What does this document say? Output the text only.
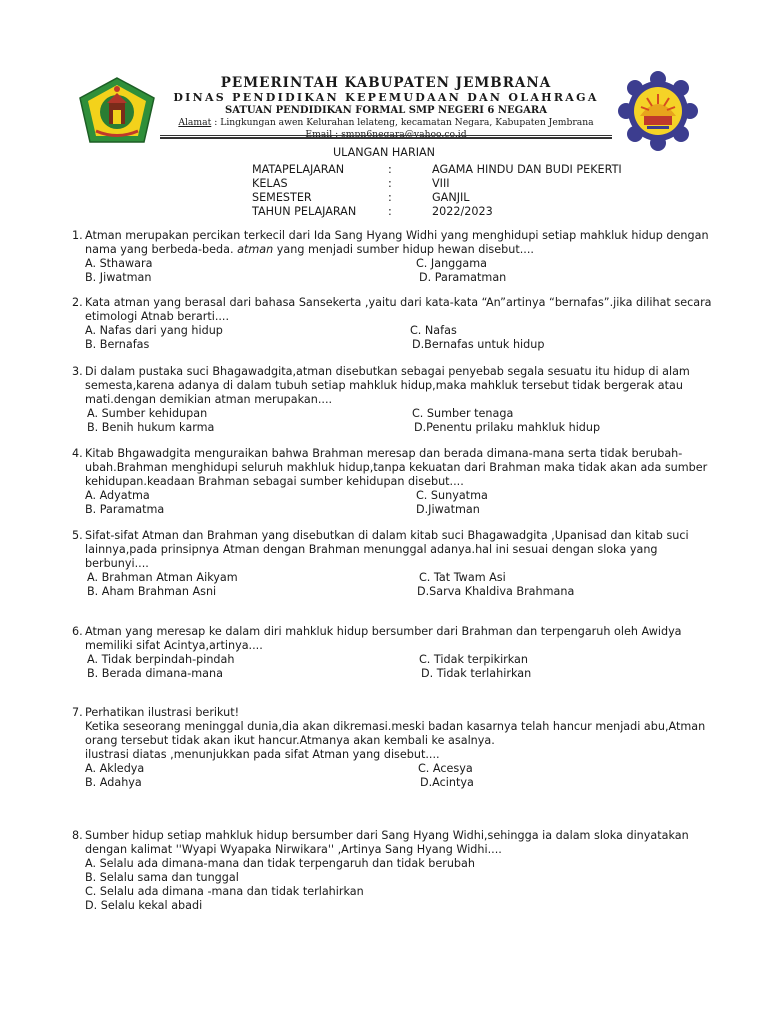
PEMERINTAH KABUPATEN JEMBRANA
DINAS PENDIDIKAN KEPEMUDAAN DAN OLAHRAGA
SATUAN PENDIDIKAN FORMAL SMP NEGERI 6 NEGARA
Alamat : Lingkungan awen Kelurahan lelateng, kecamatan Negara, Kabupaten Jembrana
ULANGAN HARIAN
MATAPELAJARAN	:	AGAMA HINDU DAN BUDI PEKERTI
KELAS	:	VIII
SEMESTER	:	GANJIL
TAHUN PELAJARAN	:	2022/2023
1. Atman merupakan percikan terkecil dari Ida Sang Hyang Widhi yang menghidupi setiap mahkluk hidup dengan
nama yang berbeda-beda. atman yang menjadi sumber hidup hewan disebut....
A. Sthawara	C. Janggama
B. Jiwatman	D. Paramatman
2. Kata atman yang berasal dari bahasa Sansekerta ,yaitu dari kata-kata “An”artinya “bernafas”.jika dilihat secara
etimologi Atnab berarti....
A. Nafas dari yang hidup	C. Nafas
B. Bernafas	D.Bernafas untuk hidup
3. Di dalam pustaka suci Bhagawadgita,atman disebutkan sebagai penyebab segala sesuatu itu hidup di alam
semesta,karena adanya di dalam tubuh setiap mahkluk hidup,maka mahkluk tersebut tidak bergerak atau
mati.dengan demikian atman merupakan....
A. Sumber kehidupan	C. Sumber tenaga
B. Benih hukum karma	D.Penentu prilaku mahkluk hidup
4. Kitab Bhgawadgita menguraikan bahwa Brahman meresap dan berada dimana-mana serta tidak berubah-
ubah.Brahman menghidupi seluruh makhluk hidup,tanpa kekuatan dari Brahman maka tidak akan ada sumber
kehidupan.keadaan Brahman sebagai sumber kehidupan disebut....
A. Adyatma	C. Sunyatma
B. Paramatma	D.Jiwatman
5. Sifat-sifat Atman dan Brahman yang disebutkan di dalam kitab suci Bhagawadgita ,Upanisad dan kitab suci
lainnya,pada prinsipnya Atman dengan Brahman menunggal adanya.hal ini sesuai dengan sloka yang
berbunyi....
A. Brahman Atman Aikyam	C. Tat Twam Asi
B. Aham Brahman Asni	D.Sarva Khaldiva Brahmana
6. Atman yang meresap ke dalam diri mahkluk hidup bersumber dari Brahman dan terpengaruh oleh Awidya
memiliki sifat Acintya,artinya....
A. Tidak berpindah-pindah	C. Tidak terpikirkan
B. Berada dimana-mana	D. Tidak terlahirkan
7. Perhatikan ilustrasi berikut!
Ketika seseorang meninggal dunia,dia akan dikremasi.meski badan kasarnya telah hancur menjadi abu,Atman
orang tersebut tidak akan ikut hancur.Atmanya akan kembali ke asalnya.
ilustrasi diatas ,menunjukkan pada sifat Atman yang disebut....
A. Akledya	C. Acesya
B. Adahya	D.Acintya
8. Sumber hidup setiap mahkluk hidup bersumber dari Sang Hyang Widhi,sehingga ia dalam sloka dinyatakan
dengan kalimat ''Wyapi Wyapaka Nirwikara'' ,Artinya Sang Hyang Widhi....
A. Selalu ada dimana-mana dan tidak terpengaruh dan tidak berubah
B. Selalu sama dan tunggal
C. Selalu ada dimana -mana dan tidak terlahirkan
D. Selalu kekal abadi
